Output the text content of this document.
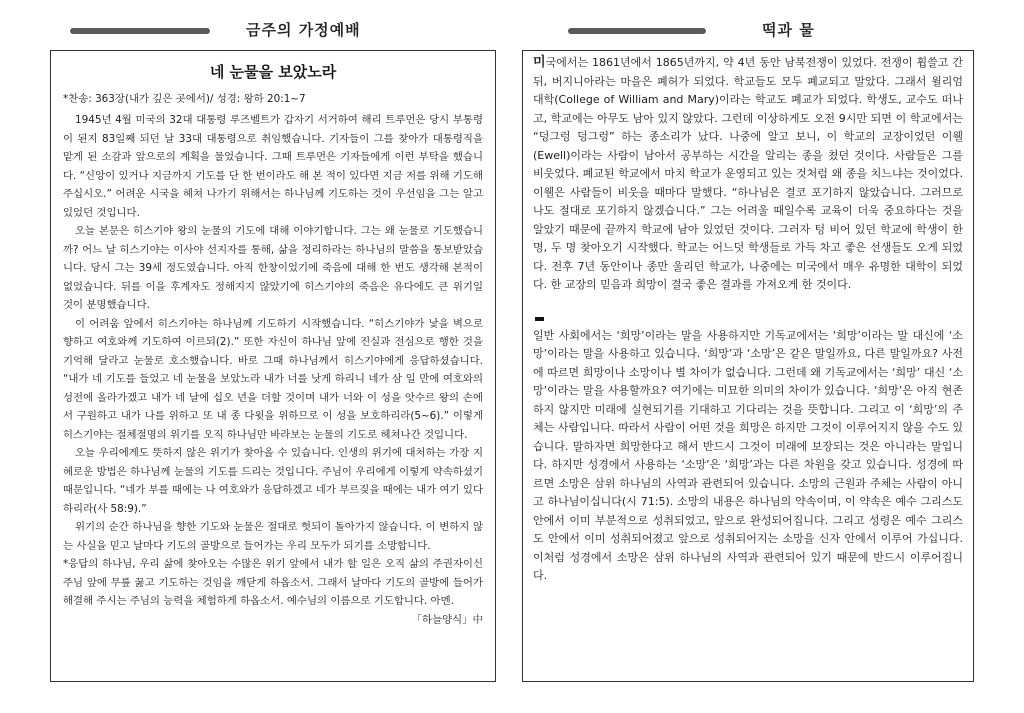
금주의 가정예배	떡과 물
네 눈물을 보았노라
*찬송: 363장(내가 깊은 곳에서)/ 성경: 왕하 20:1~7

1945년 4월 미국의 32대 대통령 루즈벨트가 갑자기 서거하여 해리 트루먼은 당시 부통령이 된지 83일째 되던 날 33대 대통령으로 취임했습니다. 기자들이 그를 찾아가 대통령직을 맡게 된 소감과 앞으로의 계획을 물었습니다. 그때 트루먼은 기자들에게 이런 부탁을 했습니다. “신앙이 있거나 지금까지 기도를 단 한 번이라도 해 본 적이 있다면 지금 저를 위해 기도해주십시오.” 어려운 시국을 헤쳐 나가기 위해서는 하나님께 기도하는 것이 우선임을 그는 알고 있었던 것입니다.

오늘 본문은 히스기야 왕의 눈물의 기도에 대해 이야기합니다. 그는 왜 눈물로 기도했습니까? 어느 날 히스기야는 이사야 선지자를 통해, 삶을 정리하라는 하나님의 말씀을 통보받았습니다. 당시 그는 39세 정도였습니다. 아직 한창이었기에 죽음에 대해 한 번도 생각해 본적이 없었습니다. 뒤를 이을 후계자도 정해지지 않았기에 히스기야의 죽음은 유다에도 큰 위기일 것이 분명했습니다.

이 어려움 앞에서 히스기야는 하나님께 기도하기 시작했습니다. “히스기야가 낯을 벽으로 향하고 여호와께 기도하여 이르되(2).” 또한 자신이 하나님 앞에 진실과 전심으로 행한 것을 기억해 달라고 눈물로 호소했습니다. 바로 그때 하나님께서 히스기야에게 응답하셨습니다. “내가 네 기도를 들었고 네 눈물을 보았노라 내가 너를 낫게 하리니 네가 삼 일 만에 여호와의 성전에 올라가겠고 내가 네 날에 십오 년을 더할 것이며 내가 너와 이 성을 앗수르 왕의 손에서 구원하고 내가 나를 위하고 또 내 종 다윗을 위하므로 이 성을 보호하리라(5~6).” 이렇게 히스기야는 절체절명의 위기를 오직 하나님만 바라보는 눈물의 기도로 헤쳐나간 것입니다.

오늘 우리에게도 뜻하지 않은 위기가 찾아올 수 있습니다. 인생의 위기에 대처하는 가장 지혜로운 방법은 하나님께 눈물의 기도를 드리는 것입니다. 주님이 우리에게 이렇게 약속하셨기 때문입니다. “네가 부를 때에는 나 여호와가 응답하겠고 네가 부르짖을 때에는 내가 여기 있다 하리라(사 58:9).”

위기의 순간 하나님을 향한 기도와 눈물은 절대로 헛되이 돌아가지 않습니다. 이 변하지 않는 사실을 믿고 날마다 기도의 골방으로 들어가는 우리 모두가 되기를 소망합니다.

*응답의 하나님, 우리 삶에 찾아오는 수많은 위기 앞에서 내가 할 일은 오직 삶의 주권자이신 주님 앞에 무릎 꿇고 기도하는 것임을 깨닫게 하옵소서. 그래서 날마다 기도의 골방에 들어가 해결해 주시는 주님의 능력을 체험하게 하옵소서. 예수님의 이름으로 기도합니다. 아멘.
「하늘양식」中

미국에서는 1861년에서 1865년까지, 약 4년 동안 남북전쟁이 있었다. 전쟁이 휩쓸고 간 뒤, 버지니아라는 마을은 폐허가 되었다. 학교들도 모두 폐교되고 말았다. 그래서 윌리엄 대학(College of William and Mary)이라는 학교도 폐교가 되었다. 학생도, 교수도 떠나고, 학교에는 아무도 남아 있지 않았다. 그런데 이상하게도 오전 9시만 되면 이 학교에서는 “덩그렁 덩그렁” 하는 종소리가 났다. 나중에 알고 보니, 이 학교의 교장이었던 이웰(Ewell)이라는 사람이 남아서 공부하는 시간을 알리는 종을 쳤던 것이다. 사람들은 그를 비웃었다. 폐교된 학교에서 마치 학교가 운영되고 있는 것처럼 왜 종을 치느냐는 것이었다. 이웰은 사람들이 비웃을 때마다 말했다. “하나님은 결코 포기하지 않았습니다. 그러므로 나도 절대로 포기하지 않겠습니다.” 그는 어려울 때일수록 교육이 더욱 중요하다는 것을 알았기 때문에 끝까지 학교에 남아 있었던 것이다. 그러자 텅 비어 있던 학교에 학생이 한 명, 두 명 찾아오기 시작했다. 학교는 어느덧 학생들로 가득 차고 좋은 선생들도 오게 되었다. 전후 7년 동안이나 종만 울리던 학교가, 나중에는 미국에서 매우 유명한 대학이 되었다. 한 교장의 믿음과 희망이 결국 좋은 결과를 가져오게 한 것이다.

일반 사회에서는 ‘희망’이라는 말을 사용하지만 기독교에서는 ‘희망’이라는 말 대신에 ‘소망’이라는 말을 사용하고 있습니다. ‘희망’과 ‘소망’은 같은 말일까요, 다른 말일까요? 사전에 따르면 희망이나 소망이나 별 차이가 없습니다. 그런데 왜 기독교에서는 ‘희망’ 대신 ‘소망’이라는 말을 사용할까요? 여기에는 미묘한 의미의 차이가 있습니다. ‘희망’은 아직 현존하지 않지만 미래에 실현되기를 기대하고 기다리는 것을 뜻합니다. 그리고 이 ‘희망’의 주체는 사람입니다. 따라서 사람이 어떤 것을 희망은 하지만 그것이 이루어지지 않을 수도 있습니다. 말하자면 희망한다고 해서 반드시 그것이 미래에 보장되는 것은 아니라는 말입니다. 하지만 성경에서 사용하는 ‘소망’은 ‘희망’과는 다른 차원을 갖고 있습니다. 성경에 따르면 소망은 삼위 하나님의 사역과 관련되어 있습니다. 소망의 근원과 주체는 사람이 아니고 하나님이십니다(시 71:5). 소망의 내용은 하나님의 약속이며, 이 약속은 예수 그리스도 안에서 이미 부분적으로 성취되었고, 앞으로 완성되어집니다. 그리고 성령은 예수 그리스도 안에서 이미 성취되어졌고 앞으로 성취되어지는 소망을 신자 안에서 이루어 가십니다. 이처럼 성경에서 소망은 삼위 하나님의 사역과 관련되어 있기 때문에 반드시 이루어집니다.
